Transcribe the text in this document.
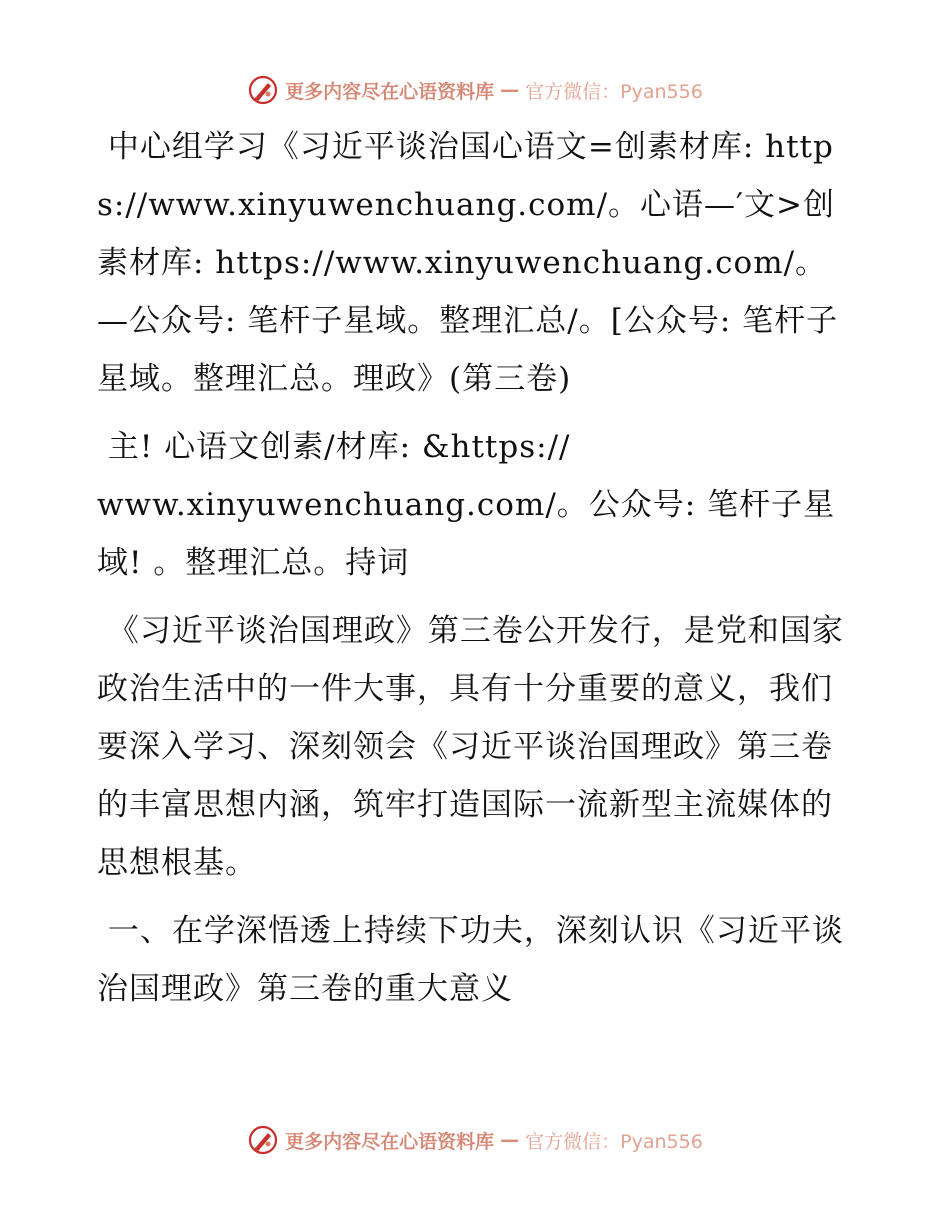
更多内容尽在心语资料库 — 官方微信：Pyan556

中心组学习《习近平谈治国心语文=创素材库: https://www.xinyuwenchuang.com/。心语—′文>创素材库: https://www.xinyuwenchuang.com/。—公众号: 笔杆子星域。整理汇总/。[公众号: 笔杆子星域。整理汇总。理政》(第三卷)

主! 心语文创素/材库: &https://
www.xinyuwenchuang.com/。公众号: 笔杆子星
域! 。整理汇总。持词

《习近平谈治国理政》第三卷公开发行，是党和国家政治生活中的一件大事，具有十分重要的意义，我们要深入学习、深刻领会《习近平谈治国理政》第三卷的丰富思想内涵，筑牢打造国际一流新型主流媒体的思想根基。

一、在学深悟透上持续下功夫，深刻认识《习近平谈治国理政》第三卷的重大意义

更多内容尽在心语资料库 — 官方微信：Pyan556
